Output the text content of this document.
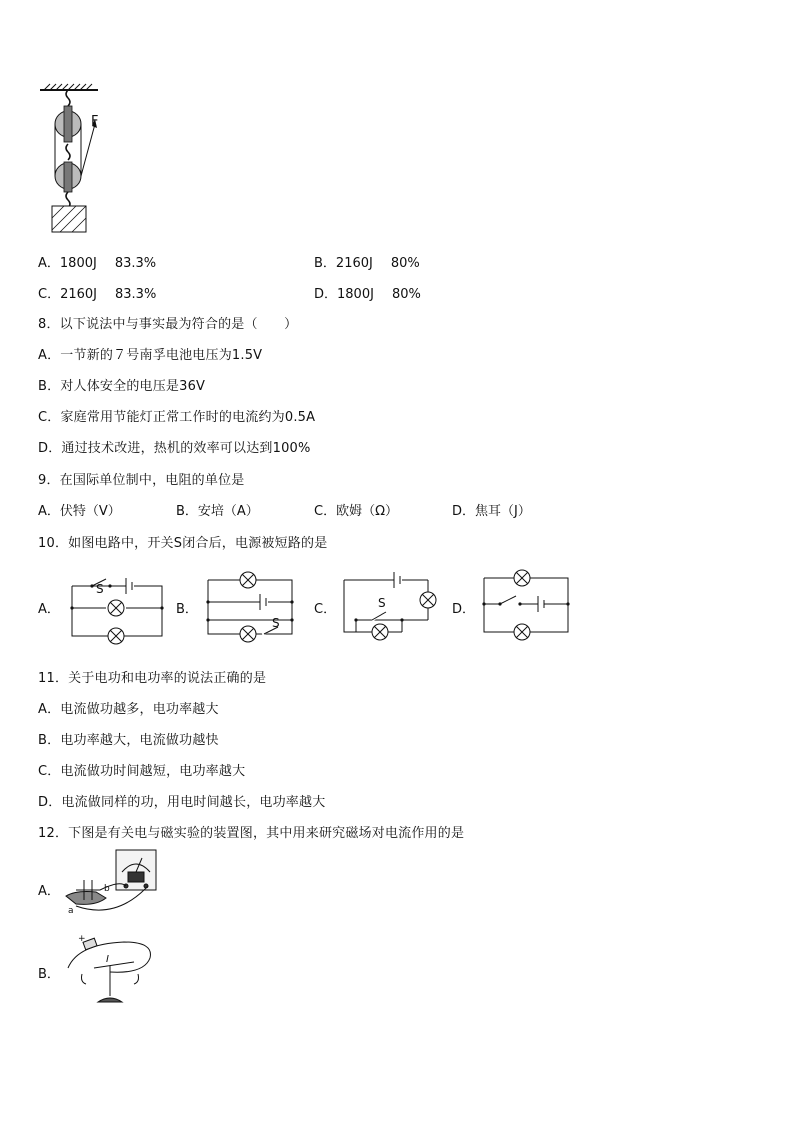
F
A．1800J 83.3%	B．2160J 80%
C．2160J 83.3%	D．1800J 80%
8．以下说法中与事实最为符合的是（　　）
A．一节新的７号南孚电池电压为1.5V
B．对人体安全的电压是36V
C．家庭常用节能灯正常工作时的电流约为0.5A
D．通过技术改进，热机的效率可以达到100%
9．在国际单位制中，电阻的单位是
A．伏特（V）	B．安培（A）	C．欧姆（Ω）	D．焦耳（J）
10．如图电路中，开关S闭合后，电源被短路的是
A．
S
B．
S
C．	S	D．
11．关于电功和电功率的说法正确的是
A．电流做功越多，电功率越大
B．电功率越大，电流做功越快
C．电流做功时间越短，电功率越大
D．电流做同样的功，用电时间越长，电功率越大
12．下图是有关电与磁实验的装置图，其中用来研究磁场对电流作用的是
A．
a
b
B．
+
I
